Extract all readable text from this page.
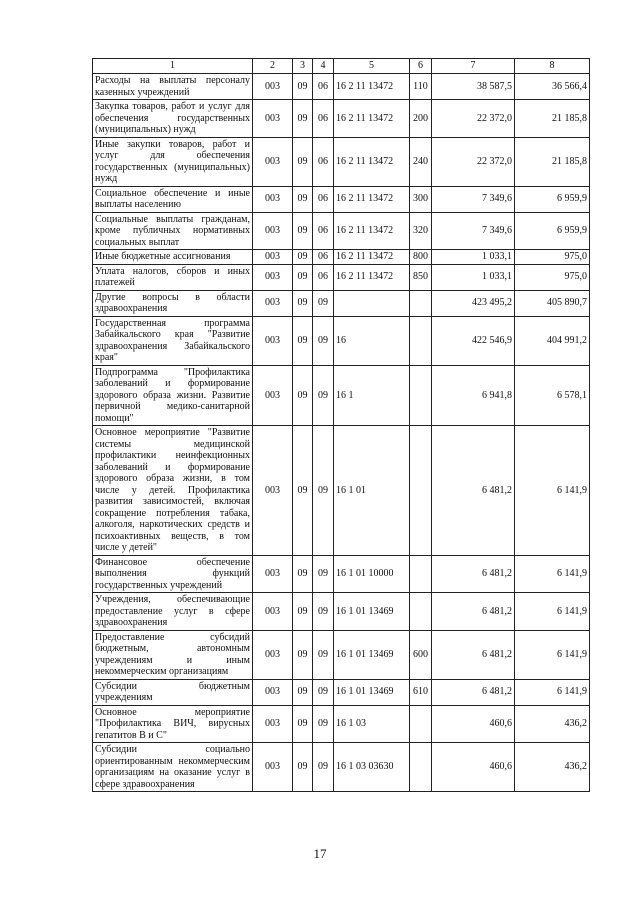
1	2	3	4	5	6	7	8
Расходы на выплаты персоналу казенных учреждений	003	09	06	16 2 11 13472	110	38 587,5	36 566,4
Закупка товаров, работ и услуг для обеспечения государственных (муниципальных) нужд	003	09	06	16 2 11 13472	200	22 372,0	21 185,8
Иные закупки товаров, работ и услуг для обеспечения государственных (муниципальных) нужд	003	09	06	16 2 11 13472	240	22 372,0	21 185,8
Социальное обеспечение и иные выплаты населению	003	09	06	16 2 11 13472	300	7 349,6	6 959,9
Социальные выплаты гражданам, кроме публичных нормативных социальных выплат	003	09	06	16 2 11 13472	320	7 349,6	6 959,9
Иные бюджетные ассигнования	003	09	06	16 2 11 13472	800	1 033,1	975,0
Уплата налогов, сборов и иных платежей	003	09	06	16 2 11 13472	850	1 033,1	975,0
Другие вопросы в области здравоохранения	003	09	09			423 495,2	405 890,7
Государственная программа Забайкальского края "Развитие здравоохранения Забайкальского края"	003	09	09	16		422 546,9	404 991,2
Подпрограмма "Профилактика заболеваний и формирование здорового образа жизни. Развитие первичной медико-санитарной помощи"	003	09	09	16 1		6 941,8	6 578,1
Основное мероприятие "Развитие системы медицинской профилактики неинфекционных заболеваний и формирование здорового образа жизни, в том числе у детей. Профилактика развития зависимостей, включая сокращение потребления табака, алкоголя, наркотических средств и психоактивных веществ, в том числе у детей"	003	09	09	16 1 01		6 481,2	6 141,9
Финансовое обеспечение выполнения функций государственных учреждений	003	09	09	16 1 01 10000		6 481,2	6 141,9
Учреждения, обеспечивающие предоставление услуг в сфере здравоохранения	003	09	09	16 1 01 13469		6 481,2	6 141,9
Предоставление субсидий бюджетным, автономным учреждениям и иным некоммерческим организациям	003	09	09	16 1 01 13469	600	6 481,2	6 141,9
Субсидии бюджетным учреждениям	003	09	09	16 1 01 13469	610	6 481,2	6 141,9
Основное мероприятие "Профилактика ВИЧ, вирусных гепатитов В и С"	003	09	09	16 1 03		460,6	436,2
Субсидии социально ориентированным некоммерческим организациям на оказание услуг в сфере здравоохранения	003	09	09	16 1 03 03630		460,6	436,2
17
